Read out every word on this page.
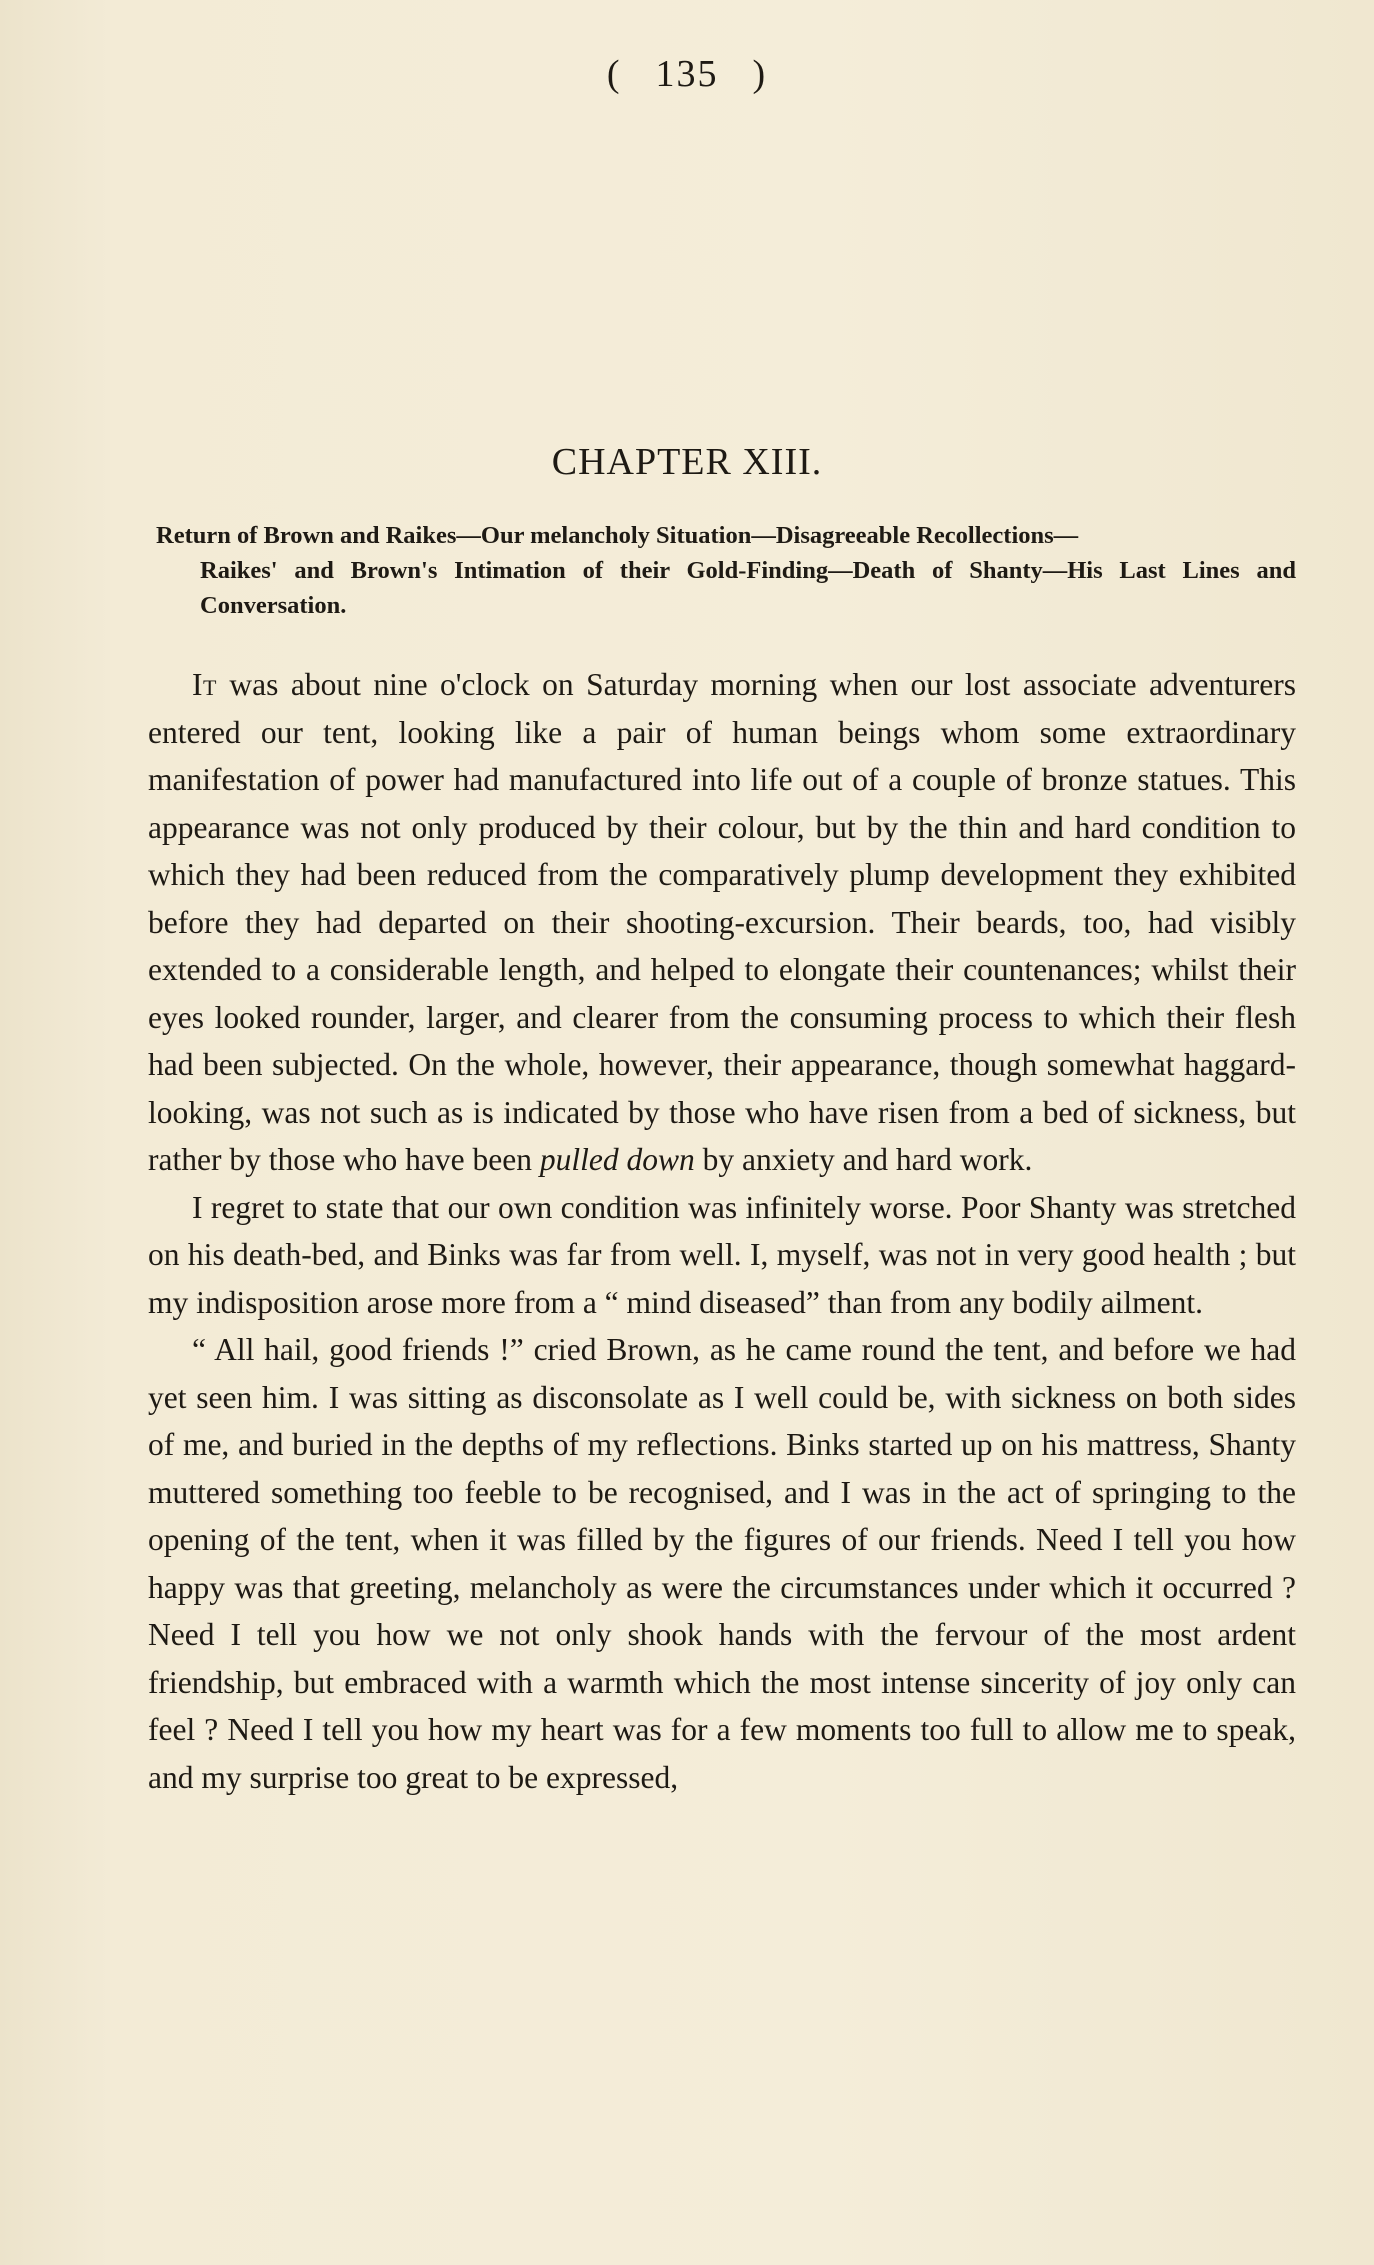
( 135 )
CHAPTER XIII.
Return of Brown and Raikes—Our melancholy Situation—Disagreeable Recollections—
Raikes' and Brown's Intimation of their Gold-Finding—Death of Shanty—His Last Lines and Conversation.

It was about nine o'clock on Saturday morning when our lost associate adventurers entered our tent, looking like a pair of human beings whom some extraordinary manifestation of power had manufactured into life out of a couple of bronze statues. This appearance was not only produced by their colour, but by the thin and hard condition to which they had been reduced from the comparatively plump development they exhibited before they had departed on their shooting-excursion. Their beards, too, had visibly extended to a considerable length, and helped to elongate their countenances; whilst their eyes looked rounder, larger, and clearer from the consuming process to which their flesh had been subjected. On the whole, however, their appearance, though somewhat haggard-looking, was not such as is indicated by those who have risen from a bed of sickness, but rather by those who have been pulled down by anxiety and hard work.

I regret to state that our own condition was infinitely worse. Poor Shanty was stretched on his death-bed, and Binks was far from well. I, myself, was not in very good health ; but my indisposition arose more from a “ mind diseased” than from any bodily ailment.

“ All hail, good friends !” cried Brown, as he came round the tent, and before we had yet seen him. I was sitting as disconsolate as I well could be, with sickness on both sides of me, and buried in the depths of my reflections. Binks started up on his mattress, Shanty muttered something too feeble to be recognised, and I was in the act of springing to the opening of the tent, when it was filled by the figures of our friends. Need I tell you how happy was that greeting, melancholy as were the circumstances under which it occurred ? Need I tell you how we not only shook hands with the fervour of the most ardent friendship, but embraced with a warmth which the most intense sincerity of joy only can feel ? Need I tell you how my heart was for a few moments too full to allow me to speak, and my surprise too great to be expressed,
